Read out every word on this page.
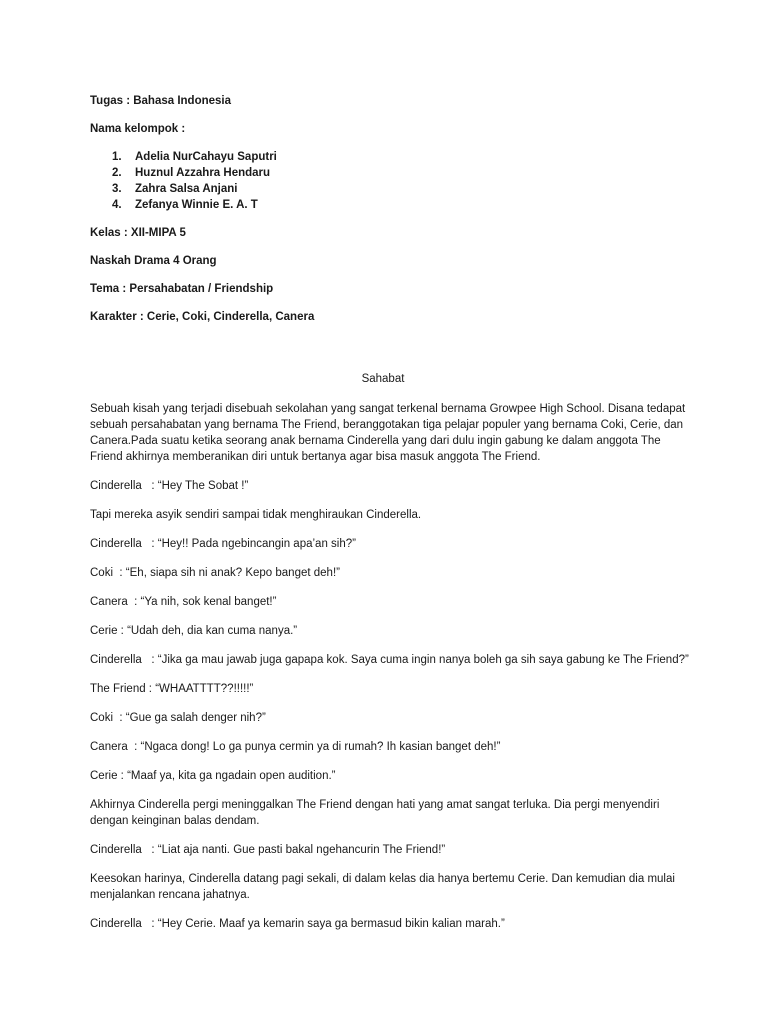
Tugas : Bahasa Indonesia

Nama kelompok :

1. Adelia NurCahayu Saputri
2. Huznul Azzahra Hendaru
3. Zahra Salsa Anjani
4. Zefanya Winnie E. A. T

Kelas : XII-MIPA 5

Naskah Drama 4 Orang

Tema : Persahabatan / Friendship

Karakter : Cerie, Coki, Cinderella, Canera

Sahabat

Sebuah kisah yang terjadi disebuah sekolahan yang sangat terkenal bernama Growpee High School. Disana tedapat

sebuah persahabatan yang bernama The Friend, beranggotakan tiga pelajar populer yang bernama Coki, Cerie, dan

Canera.Pada suatu ketika seorang anak bernama Cinderella yang dari dulu ingin gabung ke dalam anggota The

Friend akhirnya memberanikan diri untuk bertanya agar bisa masuk anggota The Friend.

Cinderella   : “Hey The Sobat !”

Tapi mereka asyik sendiri sampai tidak menghiraukan Cinderella.

Cinderella   : “Hey!! Pada ngebincangin apa’an sih?”

Coki  : “Eh, siapa sih ni anak? Kepo banget deh!”

Canera  : “Ya nih, sok kenal banget!”

Cerie : “Udah deh, dia kan cuma nanya.”

Cinderella   : “Jika ga mau jawab juga gapapa kok. Saya cuma ingin nanya boleh ga sih saya gabung ke The Friend?”

The Friend : “WHAATTTT??!!!!!”

Coki  : “Gue ga salah denger nih?”

Canera  : “Ngaca dong! Lo ga punya cermin ya di rumah? Ih kasian banget deh!”

Cerie : “Maaf ya, kita ga ngadain open audition.”

Akhirnya Cinderella pergi meninggalkan The Friend dengan hati yang amat sangat terluka. Dia pergi menyendiri

dengan keinginan balas dendam.

Cinderella   : “Liat aja nanti. Gue pasti bakal ngehancurin The Friend!”

Keesokan harinya, Cinderella datang pagi sekali, di dalam kelas dia hanya bertemu Cerie. Dan kemudian dia mulai

menjalankan rencana jahatnya.

Cinderella   : “Hey Cerie. Maaf ya kemarin saya ga bermasud bikin kalian marah.”
